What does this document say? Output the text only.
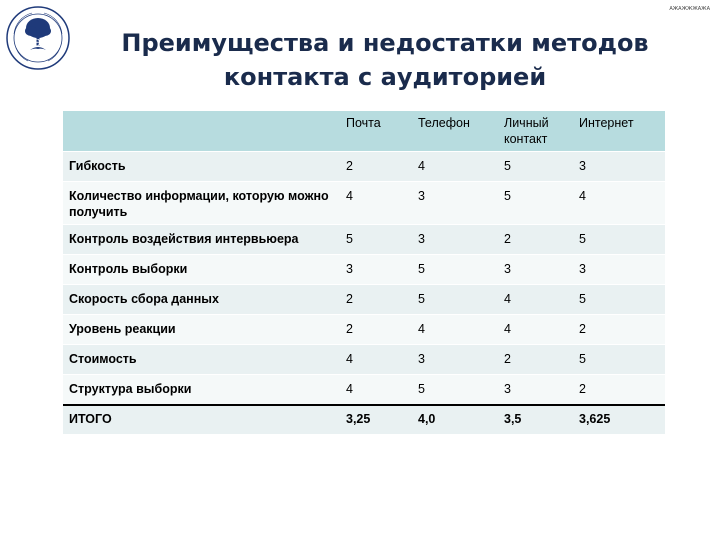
РЭУ
АЖАЖЖЖАЖА
Преимущества и недостатки методов контакта с аудиторией
	Почта	Телефон	Личный контакт	Интернет
Гибкость	2	4	5	3
Количество информации, которую можно получить	4	3	5	4
Контроль воздействия интервьюера	5	3	2	5
Контроль выборки	3	5	3	3
Скорость сбора данных	2	5	4	5
Уровень реакции	2	4	4	2
Стоимость	4	3	2	5
Структура выборки	4	5	3	2
ИТОГО	3,25	4,0	3,5	3,625
